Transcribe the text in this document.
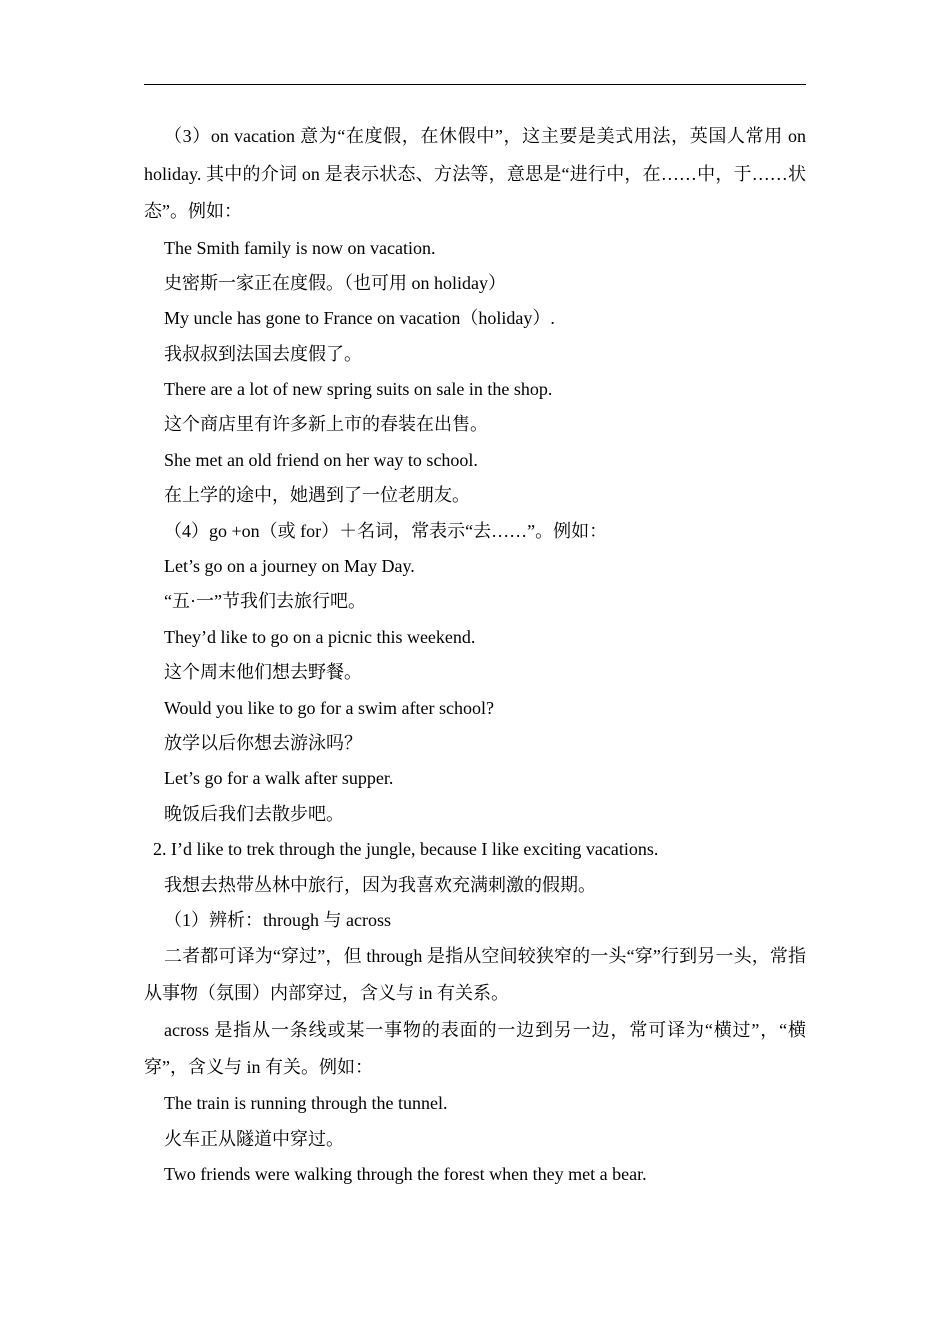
（3）on vacation 意为“在度假，在休假中”，这主要是美式用法，英国人常用 on holiday. 其中的介词 on 是表示状态、方法等，意思是“进行中，在……中，于……状态”。例如：

The Smith family is now on vacation.

史密斯一家正在度假。（也可用 on holiday）

My uncle has gone to France on vacation（holiday）.

我叔叔到法国去度假了。

There are a lot of new spring suits on sale in the shop.

这个商店里有许多新上市的春装在出售。

She met an old friend on her way to school.

在上学的途中，她遇到了一位老朋友。

（4）go +on（或 for）＋名词，常表示“去……”。例如：

Let’s go on a journey on May Day.

“五·一”节我们去旅行吧。

They’d like to go on a picnic this weekend.

这个周末他们想去野餐。

Would you like to go for a swim after school?

放学以后你想去游泳吗？

Let’s go for a walk after supper.

晚饭后我们去散步吧。

2. I’d like to trek through the jungle, because I like exciting vacations.

我想去热带丛林中旅行，因为我喜欢充满刺激的假期。

（1）辨析：through 与 across

二者都可译为“穿过”，但 through 是指从空间较狭窄的一头“穿”行到另一头，常指从事物（氛围）内部穿过，含义与 in 有关系。

across 是指从一条线或某一事物的表面的一边到另一边，常可译为“横过”，“横穿”，含义与 in 有关。例如：

The train is running through the tunnel.

火车正从隧道中穿过。

Two friends were walking through the forest when they met a bear.
